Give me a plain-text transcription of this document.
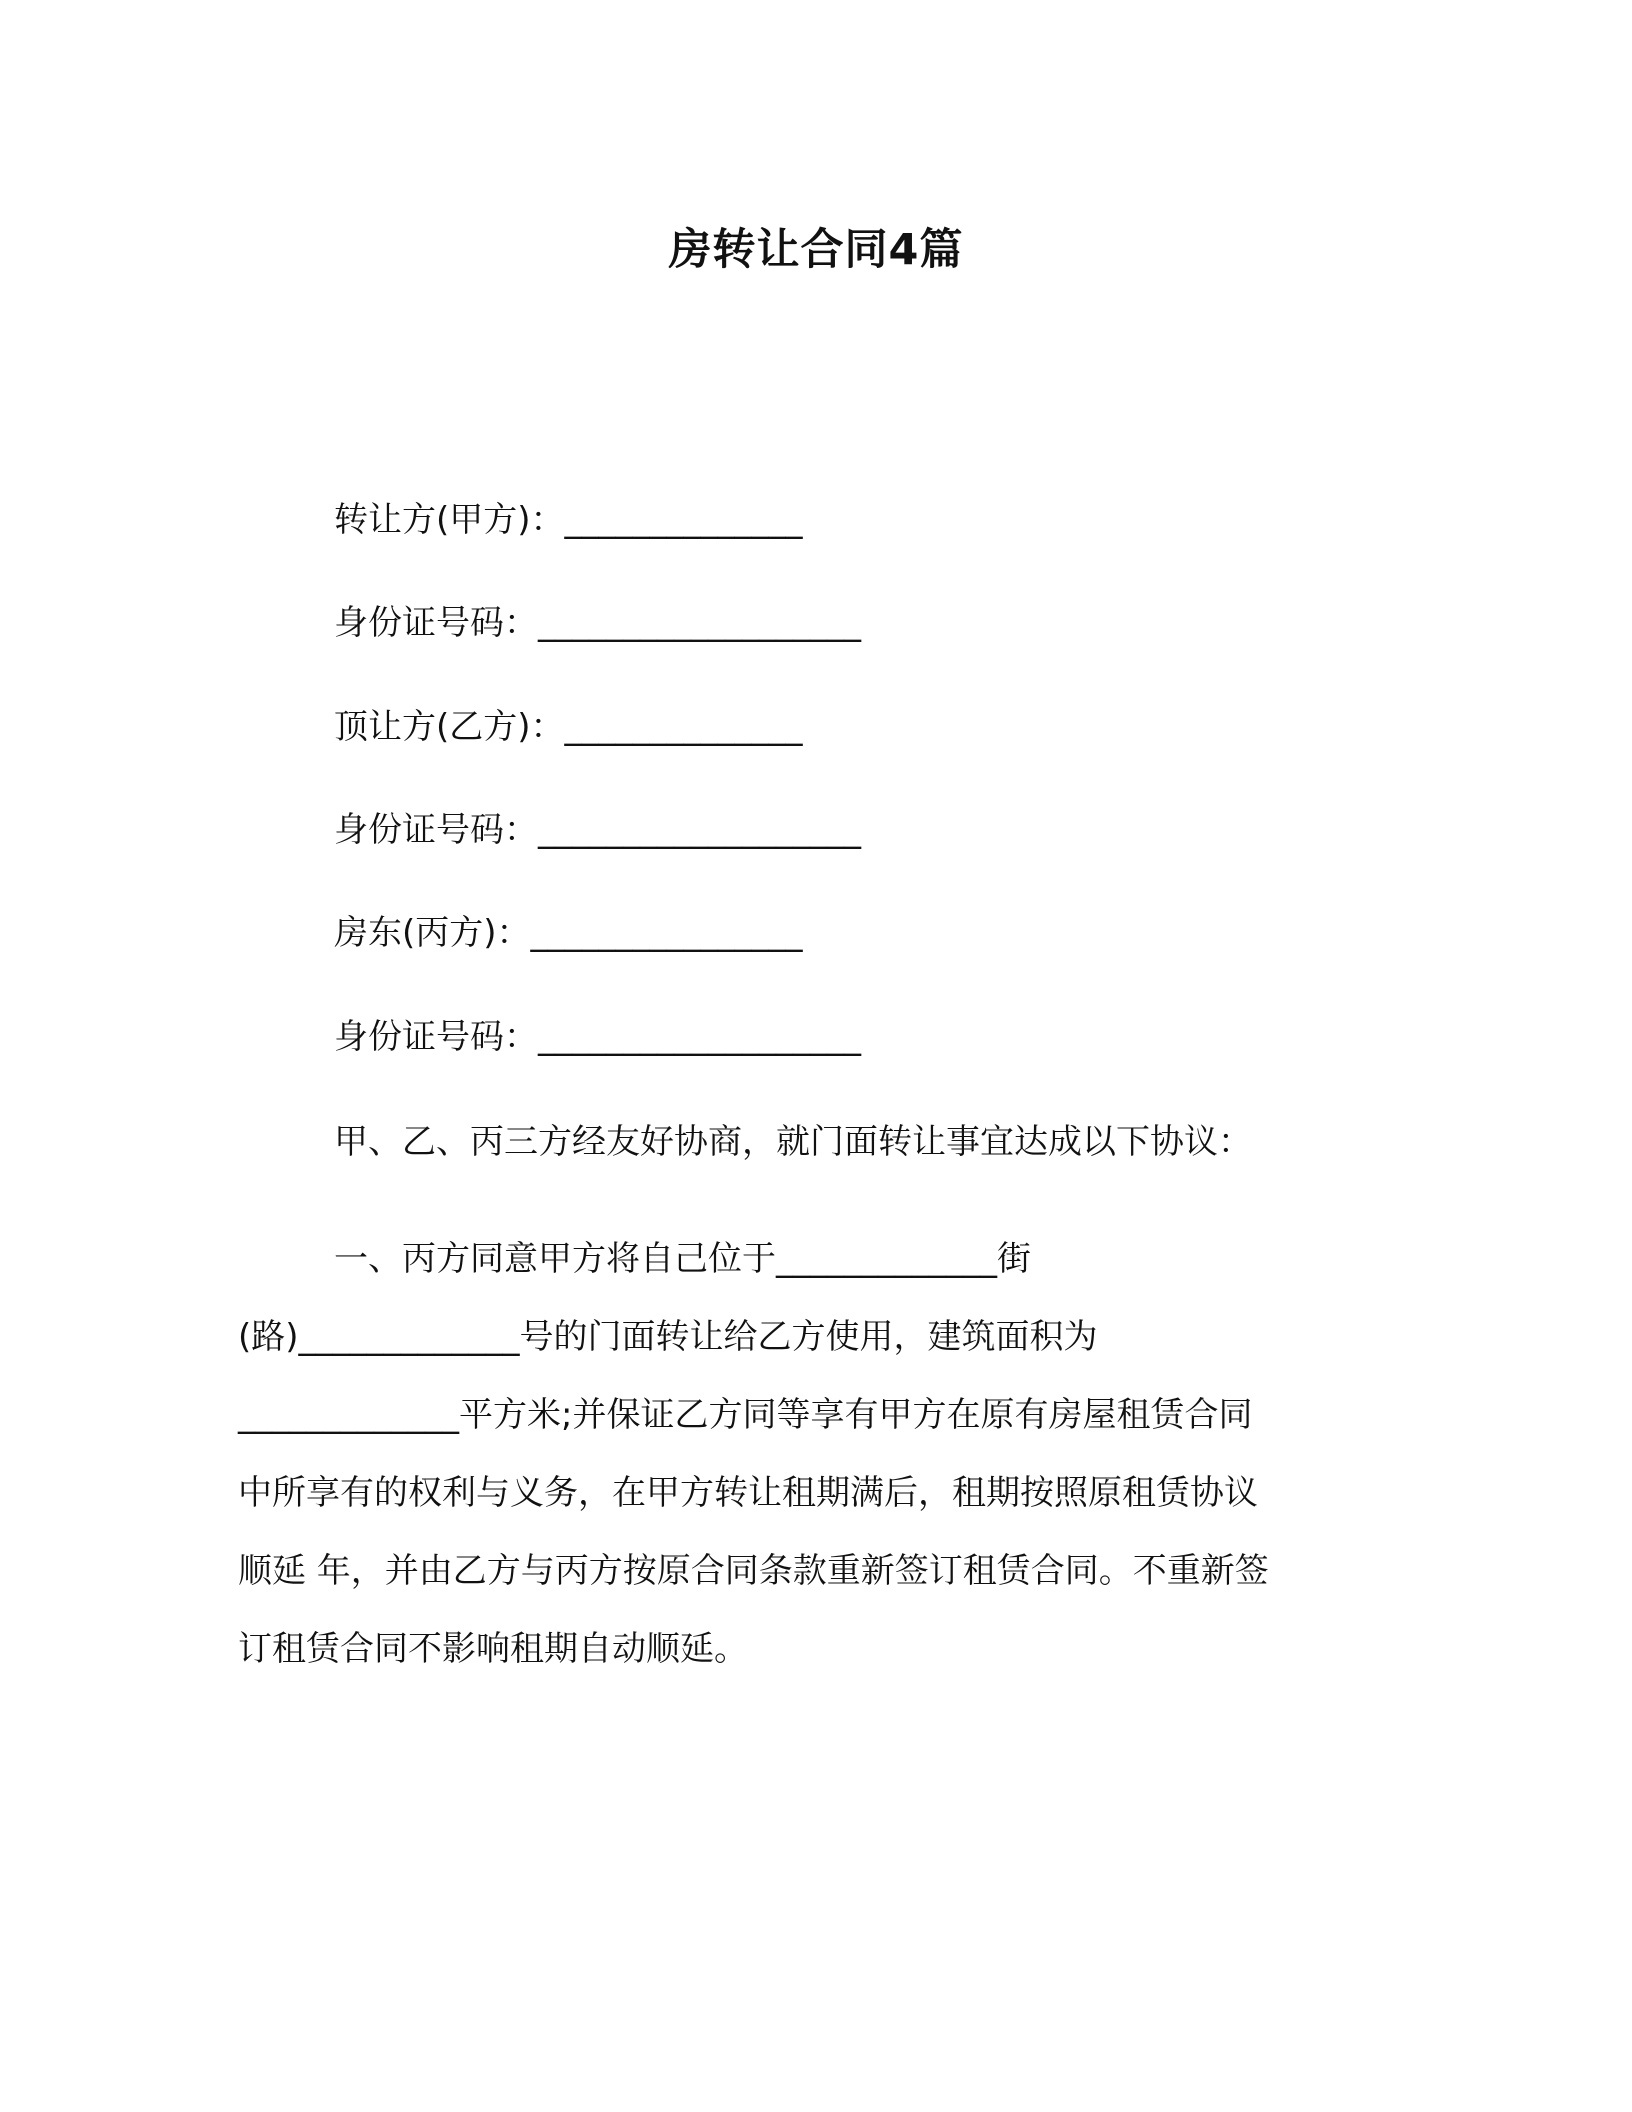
房转让合同4篇
转让方(甲方)：______________
身份证号码：___________________
顶让方(乙方)：______________
身份证号码：___________________
房东(丙方)：________________
身份证号码：___________________
甲、乙、丙三方经友好协商，就门面转让事宜达成以下协议：
一、丙方同意甲方将自己位于_____________街
(路)_____________号的门面转让给乙方使用，建筑面积为
_____________平方米;并保证乙方同等享有甲方在原有房屋租赁合同
中所享有的权利与义务，在甲方转让租期满后，租期按照原租赁协议
顺延 年，并由乙方与丙方按原合同条款重新签订租赁合同。不重新签
订租赁合同不影响租期自动顺延。
